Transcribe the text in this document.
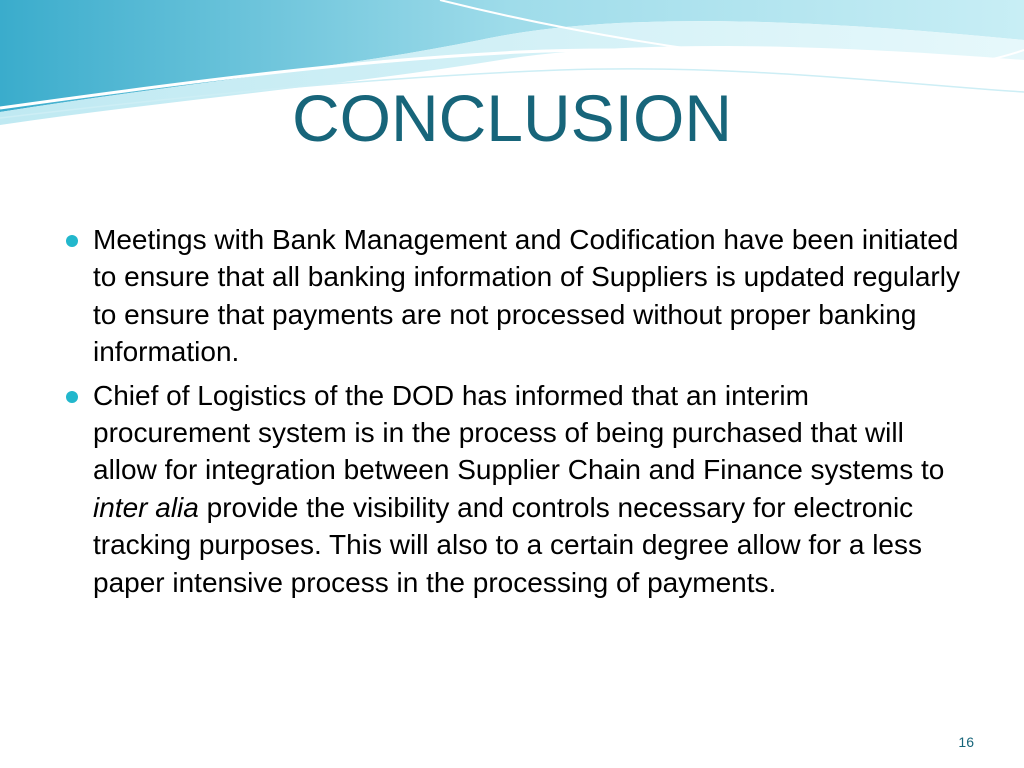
CONCLUSION
Meetings with Bank Management and Codification have been initiated to ensure that all banking information of Suppliers is updated regularly to ensure that payments are not processed without proper banking information.
Chief of Logistics of the DOD has informed that an interim procurement system is in the process of being purchased that will allow for integration between Supplier Chain and Finance systems to inter alia provide the visibility and controls necessary for electronic tracking purposes. This will also to a certain degree allow for a less paper intensive process in the processing of payments.
16
